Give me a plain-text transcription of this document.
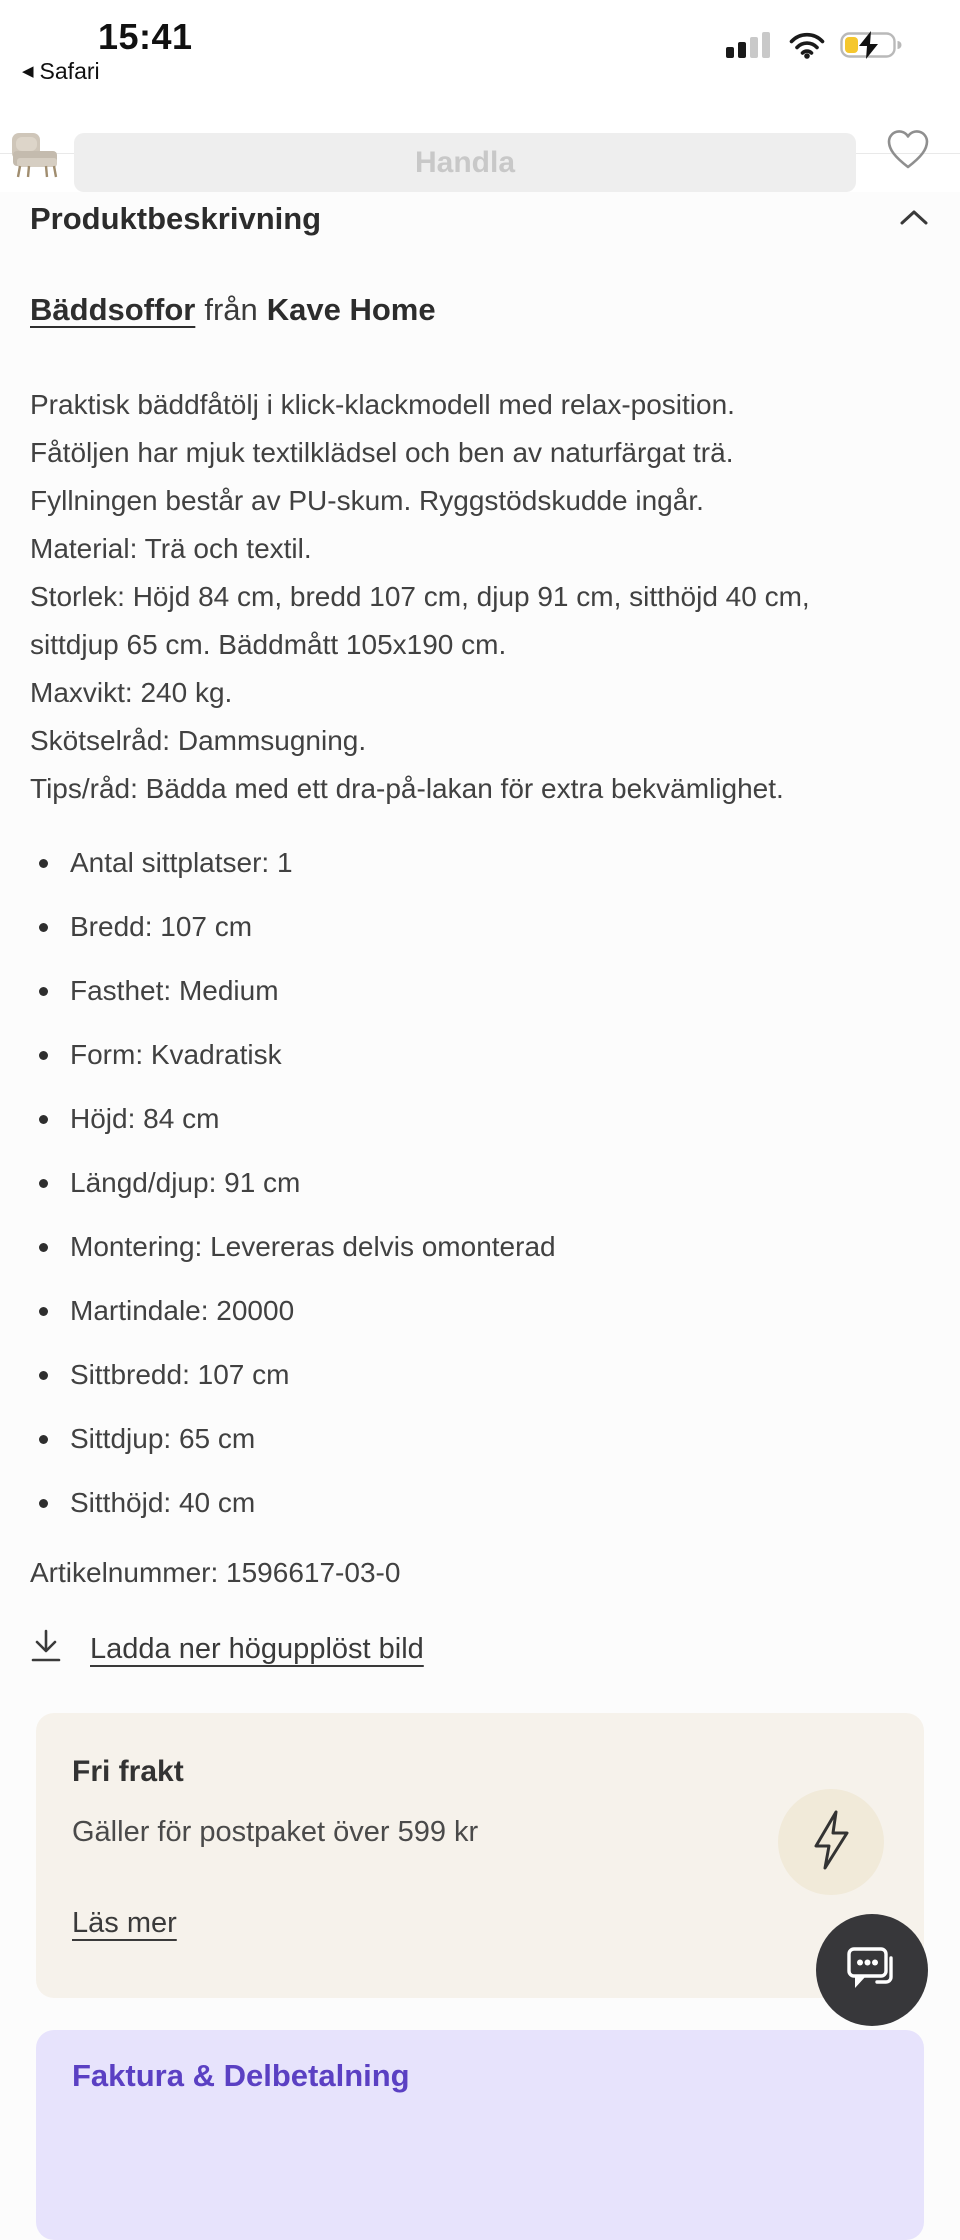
15:41
◀ Safari
Handla
Produktbeskrivning
Bäddsoffor från Kave Home
Praktisk bäddfåtölj i klick-klackmodell med relax-position.
Fåtöljen har mjuk textilklädsel och ben av naturfärgat trä.
Fyllningen består av PU-skum. Ryggstödskudde ingår.
Material: Trä och textil.
Storlek: Höjd 84 cm, bredd 107 cm, djup 91 cm, sitthöjd 40 cm,
sittdjup 65 cm. Bäddmått 105x190 cm.
Maxvikt: 240 kg.
Skötselråd: Dammsugning.
Tips/råd: Bädda med ett dra-på-lakan för extra bekvämlighet.
Antal sittplatser: 1
Bredd: 107 cm
Fasthet: Medium
Form: Kvadratisk
Höjd: 84 cm
Längd/djup: 91 cm
Montering: Levereras delvis omonterad
Martindale: 20000
Sittbredd: 107 cm
Sittdjup: 65 cm
Sitthöjd: 40 cm
Artikelnummer: 1596617-03-0
Ladda ner högupplöst bild
Fri frakt
Gäller för postpaket över 599 kr
Läs mer
Faktura & Delbetalning
